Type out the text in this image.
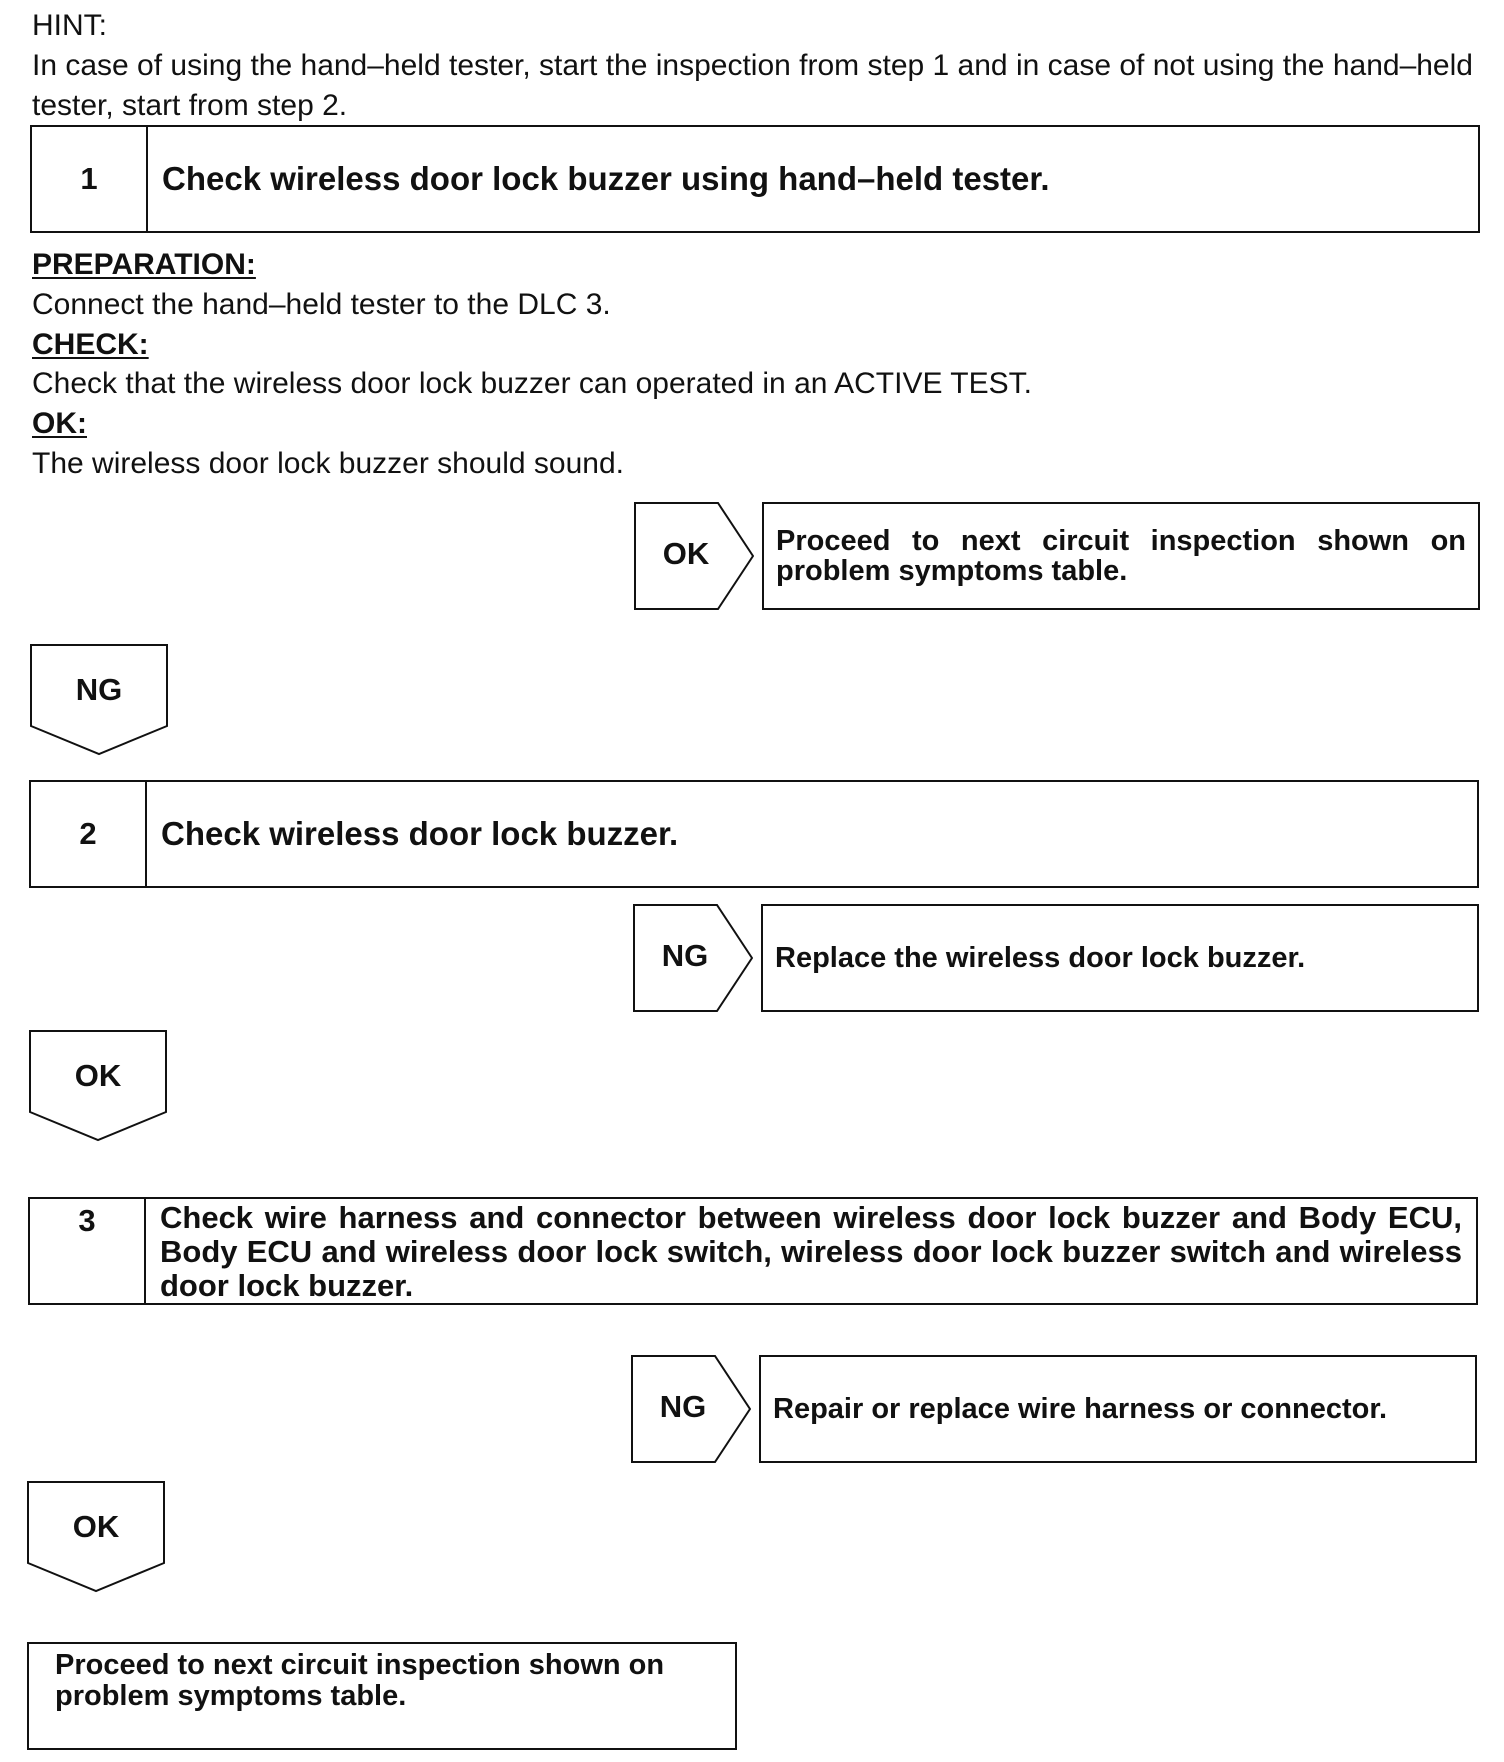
HINT:
In case of using the hand–held tester, start the inspection from step 1 and in case of not using the hand–held tester, start from step 2.
1	Check wireless door lock buzzer using hand–held tester.
PREPARATION:
Connect the hand–held tester to the DLC 3.
CHECK:
Check that the wireless door lock buzzer can operated in an ACTIVE TEST.
OK:
The wireless door lock buzzer should sound.
OK	Proceed to next circuit inspection shown on problem symptoms table.
NG
2	Check wireless door lock buzzer.
NG	Replace the wireless door lock buzzer.
OK
3	Check wire harness and connector between wireless door lock buzzer and Body ECU, Body ECU and wireless door lock switch, wireless door lock buzzer switch and wireless door lock buzzer.
NG	Repair or replace wire harness or connector.
OK
Proceed to next circuit inspection shown on problem symptoms table.
